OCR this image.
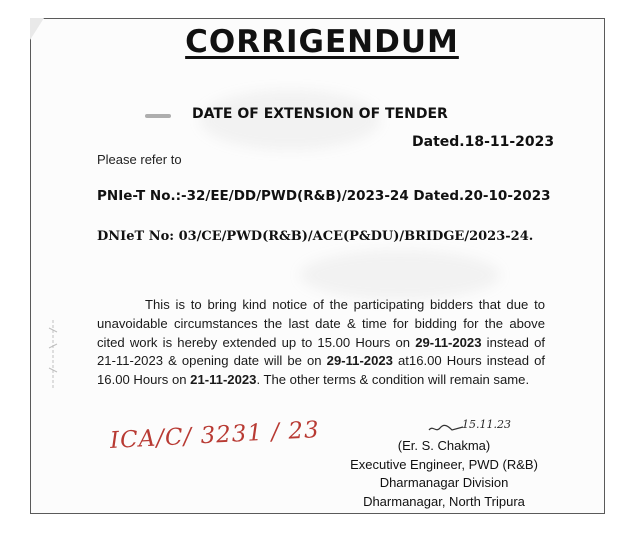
CORRIGENDUM
DATE OF EXTENSION OF TENDER
Dated.18-11-2023
Please refer to
PNIe-T No.:-32/EE/DD/PWD(R&B)/2023-24 Dated.20-10-2023
DNIeT No: 03/CE/PWD(R&B)/ACE(P&DU)/BRIDGE/2023-24.
This is to bring kind notice of the participating bidders that due to unavoidable circumstances the last date & time for bidding for the above cited work is hereby extended up to 15.00 Hours on 29-11-2023 instead of 21-11-2023 & opening date will be on 29-11-2023 at16.00 Hours instead of 16.00 Hours on 21-11-2023. The other terms & condition will remain same.
ICA/C/ 3231 / 23	15.11.23
(Er. S. Chakma)
Executive Engineer, PWD (R&B)
Dharmanagar Division
Dharmanagar, North Tripura
